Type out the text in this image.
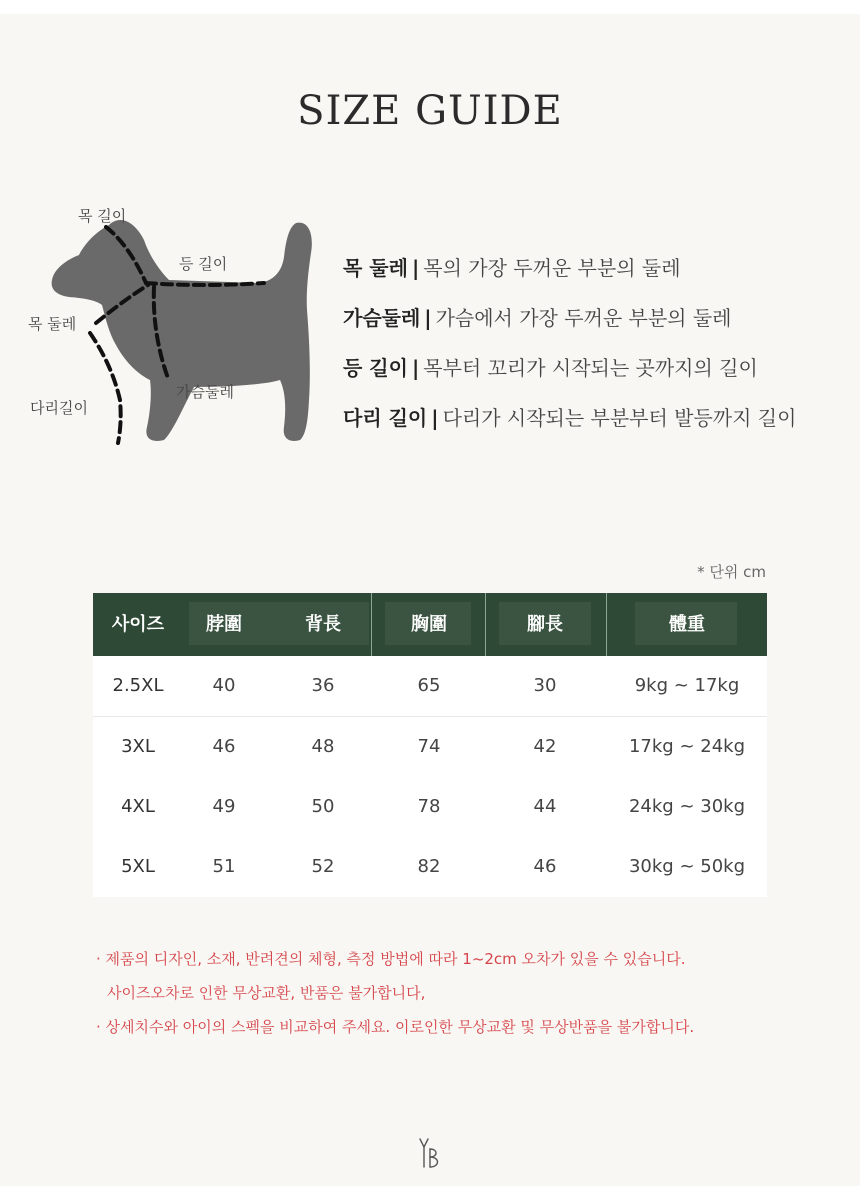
SIZE GUIDE
목 길이
등 길이
목 둘레
가슴둘레
다리길이
목 둘레 | 목의 가장 두꺼운 부분의 둘레
가슴둘레 | 가슴에서 가장 두꺼운 부분의 둘레
등 길이 | 목부터 꼬리가 시작되는 곳까지의 길이
다리 길이 | 다리가 시작되는 부분부터 발등까지 길이
* 단위 cm
사이즈	脖圍	背長	胸圍	腳長	體重
2.5XL	40	36	65	30	9kg ~ 17kg
3XL	46	48	74	42	17kg ~ 24kg
4XL	49	50	78	44	24kg ~ 30kg
5XL	51	52	82	46	30kg ~ 50kg
· 제품의 디자인, 소재, 반려견의 체형, 측정 방법에 따라 1~2cm 오차가 있을 수 있습니다.
사이즈오차로 인한 무상교환, 반품은 불가합니다,
· 상세치수와 아이의 스펙을 비교하여 주세요. 이로인한 무상교환 및 무상반품을 불가합니다.
